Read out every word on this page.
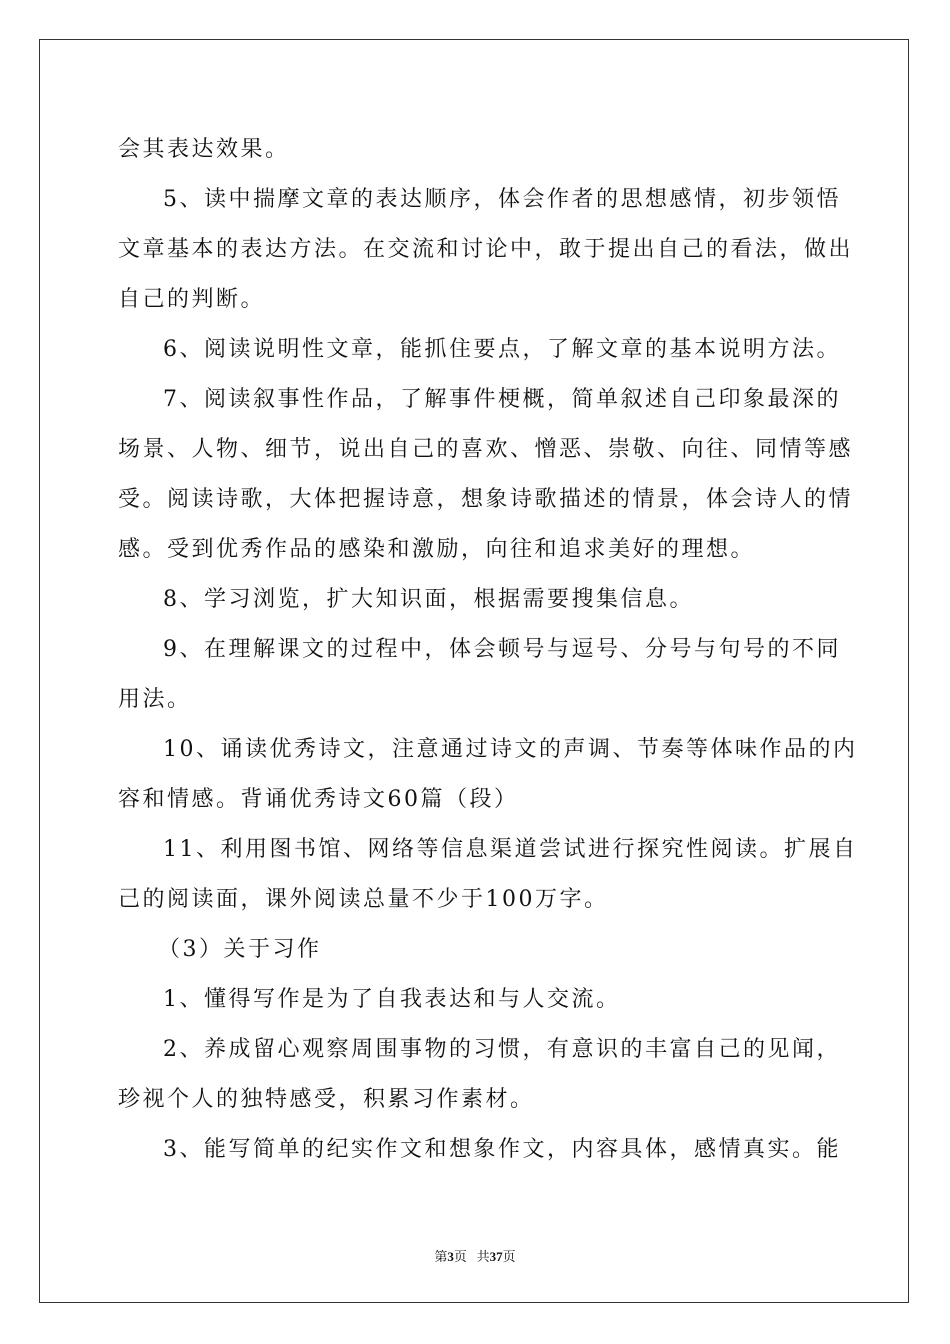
会其表达效果。
5、读中揣摩文章的表达顺序，体会作者的思想感情，初步领悟
文章基本的表达方法。在交流和讨论中，敢于提出自己的看法，做出
自己的判断。
6、阅读说明性文章，能抓住要点，了解文章的基本说明方法。
7、阅读叙事性作品，了解事件梗概，简单叙述自己印象最深的
场景、人物、细节，说出自己的喜欢、憎恶、崇敬、向往、同情等感
受。阅读诗歌，大体把握诗意，想象诗歌描述的情景，体会诗人的情
感。受到优秀作品的感染和激励，向往和追求美好的理想。
8、学习浏览，扩大知识面，根据需要搜集信息。
9、在理解课文的过程中，体会顿号与逗号、分号与句号的不同
用法。
10、诵读优秀诗文，注意通过诗文的声调、节奏等体味作品的内
容和情感。背诵优秀诗文60篇（段）
11、利用图书馆、网络等信息渠道尝试进行探究性阅读。扩展自
己的阅读面，课外阅读总量不少于100万字。
（3）关于习作
1、懂得写作是为了自我表达和与人交流。
2、养成留心观察周围事物的习惯，有意识的丰富自己的见闻，
珍视个人的独特感受，积累习作素材。
3、能写简单的纪实作文和想象作文，内容具体，感情真实。能
第3页 共37页
